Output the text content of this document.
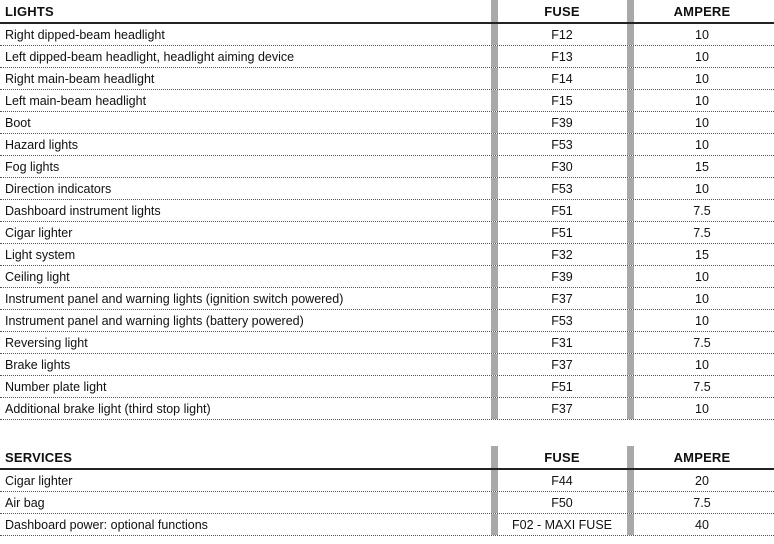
LIGHTS	FUSE	AMPERE
Right dipped-beam headlight	F12	10
Left dipped-beam headlight, headlight aiming device	F13	10
Right main-beam headlight	F14	10
Left main-beam headlight	F15	10
Boot	F39	10
Hazard lights	F53	10
Fog lights	F30	15
Direction indicators	F53	10
Dashboard instrument lights	F51	7.5
Cigar lighter	F51	7.5
Light system	F32	15
Ceiling light	F39	10
Instrument panel and warning lights (ignition switch powered)	F37	10
Instrument panel and warning lights (battery powered)	F53	10
Reversing light	F31	7.5
Brake lights	F37	10
Number plate light	F51	7.5
Additional brake light (third stop light)	F37	10
SERVICES	FUSE	AMPERE
Cigar lighter	F44	20
Air bag	F50	7.5
Dashboard power: optional functions	F02 - MAXI FUSE	40
